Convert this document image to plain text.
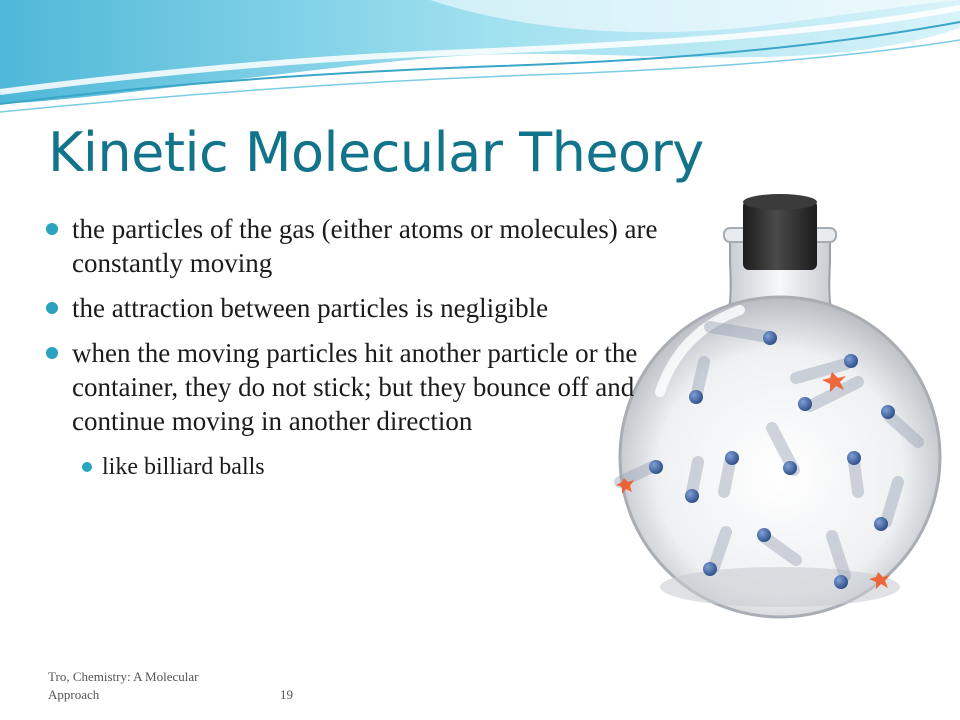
Kinetic Molecular Theory
the particles of the gas (either atoms or molecules) are constantly moving
the attraction between particles is negligible
when the moving particles hit another particle or the container, they do not stick; but they bounce off and continue moving in another direction
like billiard balls
Tro, Chemistry: A Molecular Approach	19
